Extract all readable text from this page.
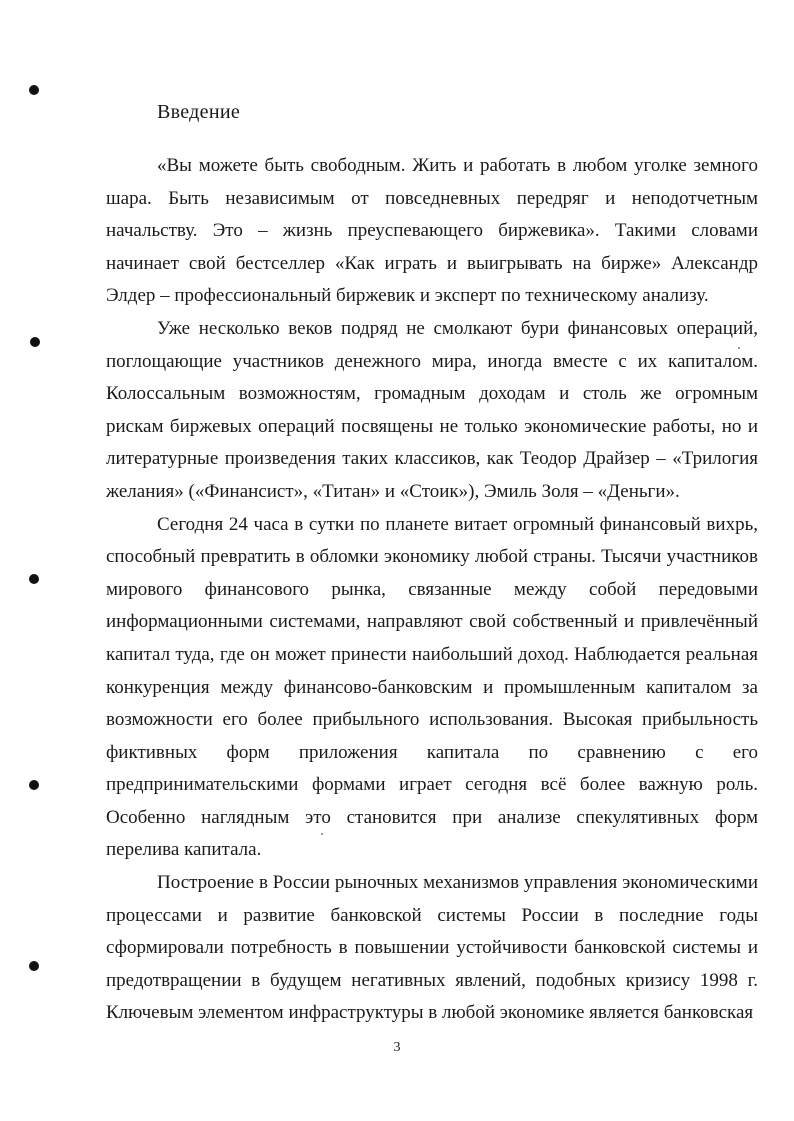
Введение

«Вы можете быть свободным. Жить и работать в любом уголке земного шара. Быть независимым от повседневных передряг и неподотчетным начальству. Это – жизнь преуспевающего биржевика». Такими словами начинает свой бестселлер «Как играть и выигрывать на бирже» Александр Элдер – профессиональный биржевик и эксперт по техническому анализу.

Уже несколько веков подряд не смолкают бури финансовых операций, поглощающие участников денежного мира, иногда вместе с их капиталом. Колоссальным возможностям, громадным доходам и столь же огромным рискам биржевых операций посвящены не только экономические работы, но и литературные произведения таких классиков, как Теодор Драйзер – «Трилогия желания» («Финансист», «Титан» и «Стоик»), Эмиль Золя – «Деньги».

Сегодня 24 часа в сутки по планете витает огромный финансовый вихрь, способный превратить в обломки экономику любой страны. Тысячи участников мирового финансового рынка, связанные между собой передовыми информационными системами, направляют свой собственный и привлечённый капитал туда, где он может принести наибольший доход. Наблюдается реальная конкуренция между финансово-банковским и промышленным капиталом за возможности его более прибыльного использования. Высокая прибыльность фиктивных форм приложения капитала по сравнению с его предпринимательскими формами играет сегодня всё более важную роль. Особенно наглядным это становится при анализе спекулятивных форм перелива капитала.

Построение в России рыночных механизмов управления экономическими процессами и развитие банковской системы России в последние годы сформировали потребность в повышении устойчивости банковской системы и предотвращении в будущем негативных явлений, подобных кризису 1998 г. Ключевым элементом инфраструктуры в любой экономике является банковская

3
